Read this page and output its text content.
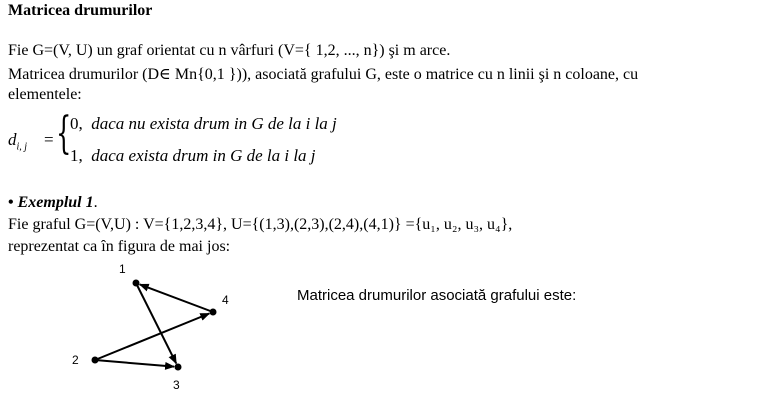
Matricea drumurilor
Fie G=(V, U) un graf orientat cu n vârfuri (V={ 1,2, ..., n}) şi m arce.
Matricea drumurilor (D∈ Mn{0,1 })), asociată grafului G, este o matrice cu n linii şi n coloane, cu
elementele:
$d_{i, j}$ = {
0, daca nu exista drum in G de la i la j
1, daca exista drum in G de la i la j
• Exemplul 1.
Fie graful G=(V,U) : V={1,2,3,4}, U={(1,3),(2,3),(2,4),(4,1)} ={u₁, u₂, u₃, u₄},
reprezentat ca în figura de mai jos:
1
2
3
4	Matricea drumurilor asociată grafului este:
